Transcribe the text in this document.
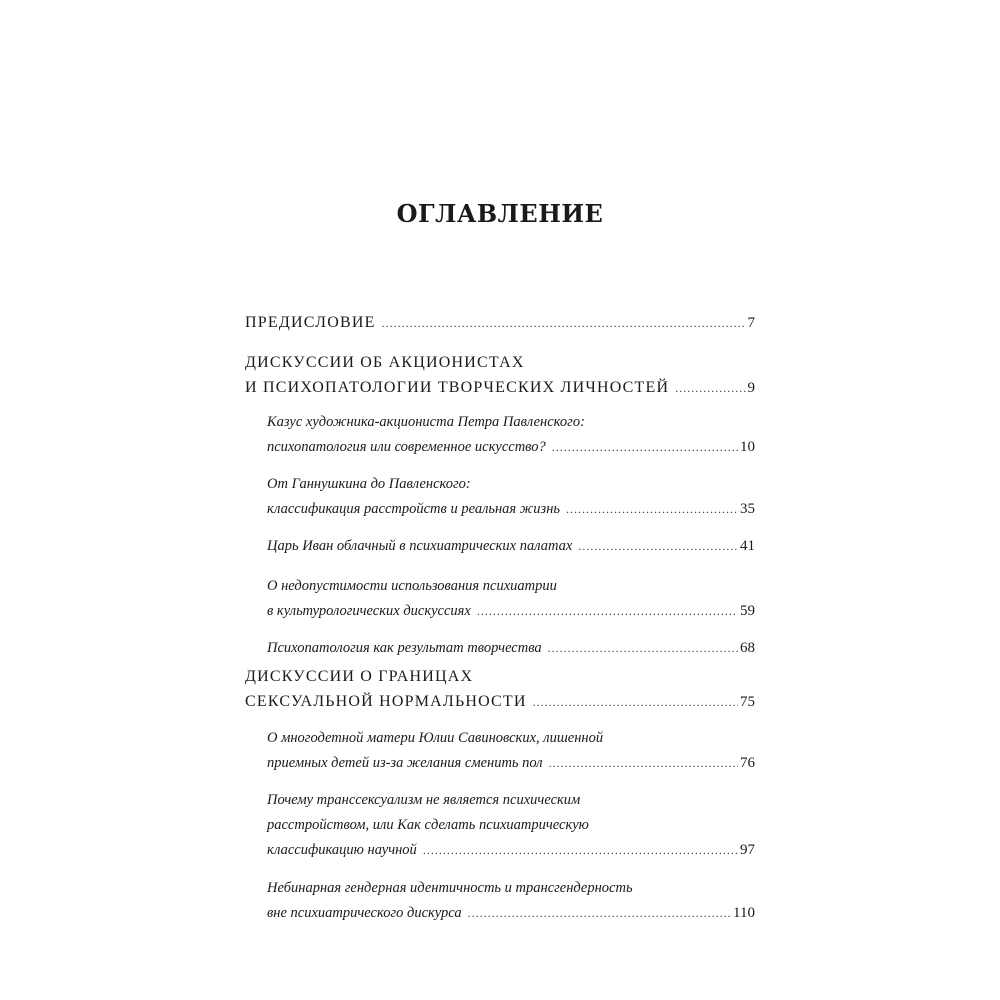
ОГЛАВЛЕНИЕ
ПРЕДИСЛОВИЕ .....	7
ДИСКУССИИ ОБ АКЦИОНИСТАХ
И ПСИХОПАТОЛОГИИ ТВОРЧЕСКИХ ЛИЧНОСТЕЙ .....	9
Казус художника-акциониста Петра Павленского:
психопатология или современное искусство? .....	10
От Ганнушкина до Павленского:
классификация расстройств и реальная жизнь .....	35
Царь Иван облачный в психиатрических палатах .....	41
О недопустимости использования психиатрии
в культурологических дискуссиях .....	59
Психопатология как результат творчества .....	68
ДИСКУССИИ О ГРАНИЦАХ
СЕКСУАЛЬНОЙ НОРМАЛЬНОСТИ .....	75
О многодетной матери Юлии Савиновских, лишенной
приемных детей из-за желания сменить пол .....	76
Почему транссексуализм не является психическим
расстройством, или Как сделать психиатрическую
классификацию научной .....	97
Небинарная гендерная идентичность и трансгендерность
вне психиатрического дискурса .....	110
